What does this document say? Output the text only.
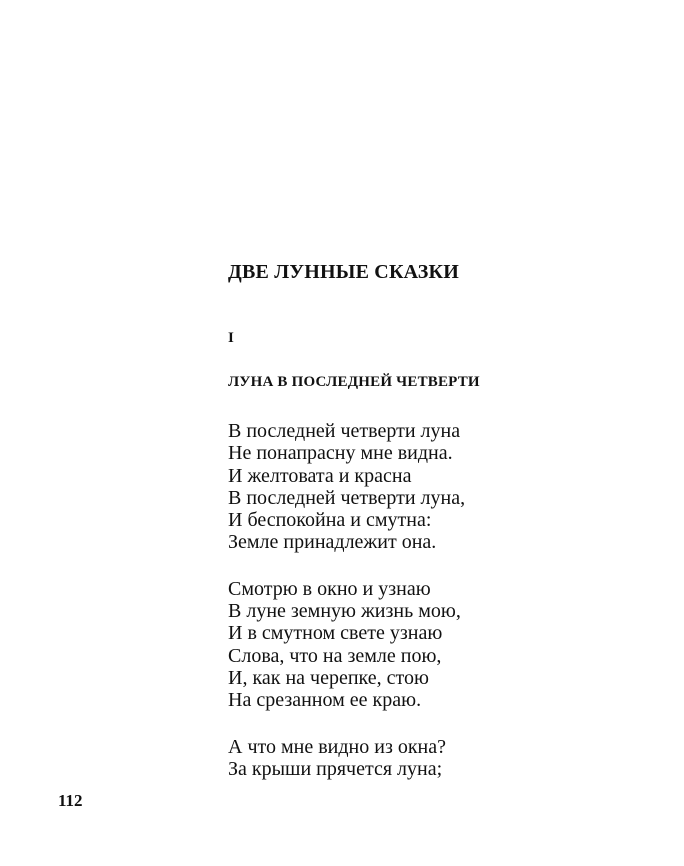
ДВЕ ЛУННЫЕ СКАЗКИ
I
ЛУНА В ПОСЛЕДНЕЙ ЧЕТВЕРТИ
В последней четверти луна
Не понапрасну мне видна.
И желтовата и красна
В последней четверти луна,
И беспокойна и смутна:
Земле принадлежит она.
Смотрю в окно и узнаю
В луне земную жизнь мою,
И в смутном свете узнаю
Слова, что на земле пою,
И, как на черепке, стою
На срезанном ее краю.
А что мне видно из окна?
За крыши прячется луна;
112
